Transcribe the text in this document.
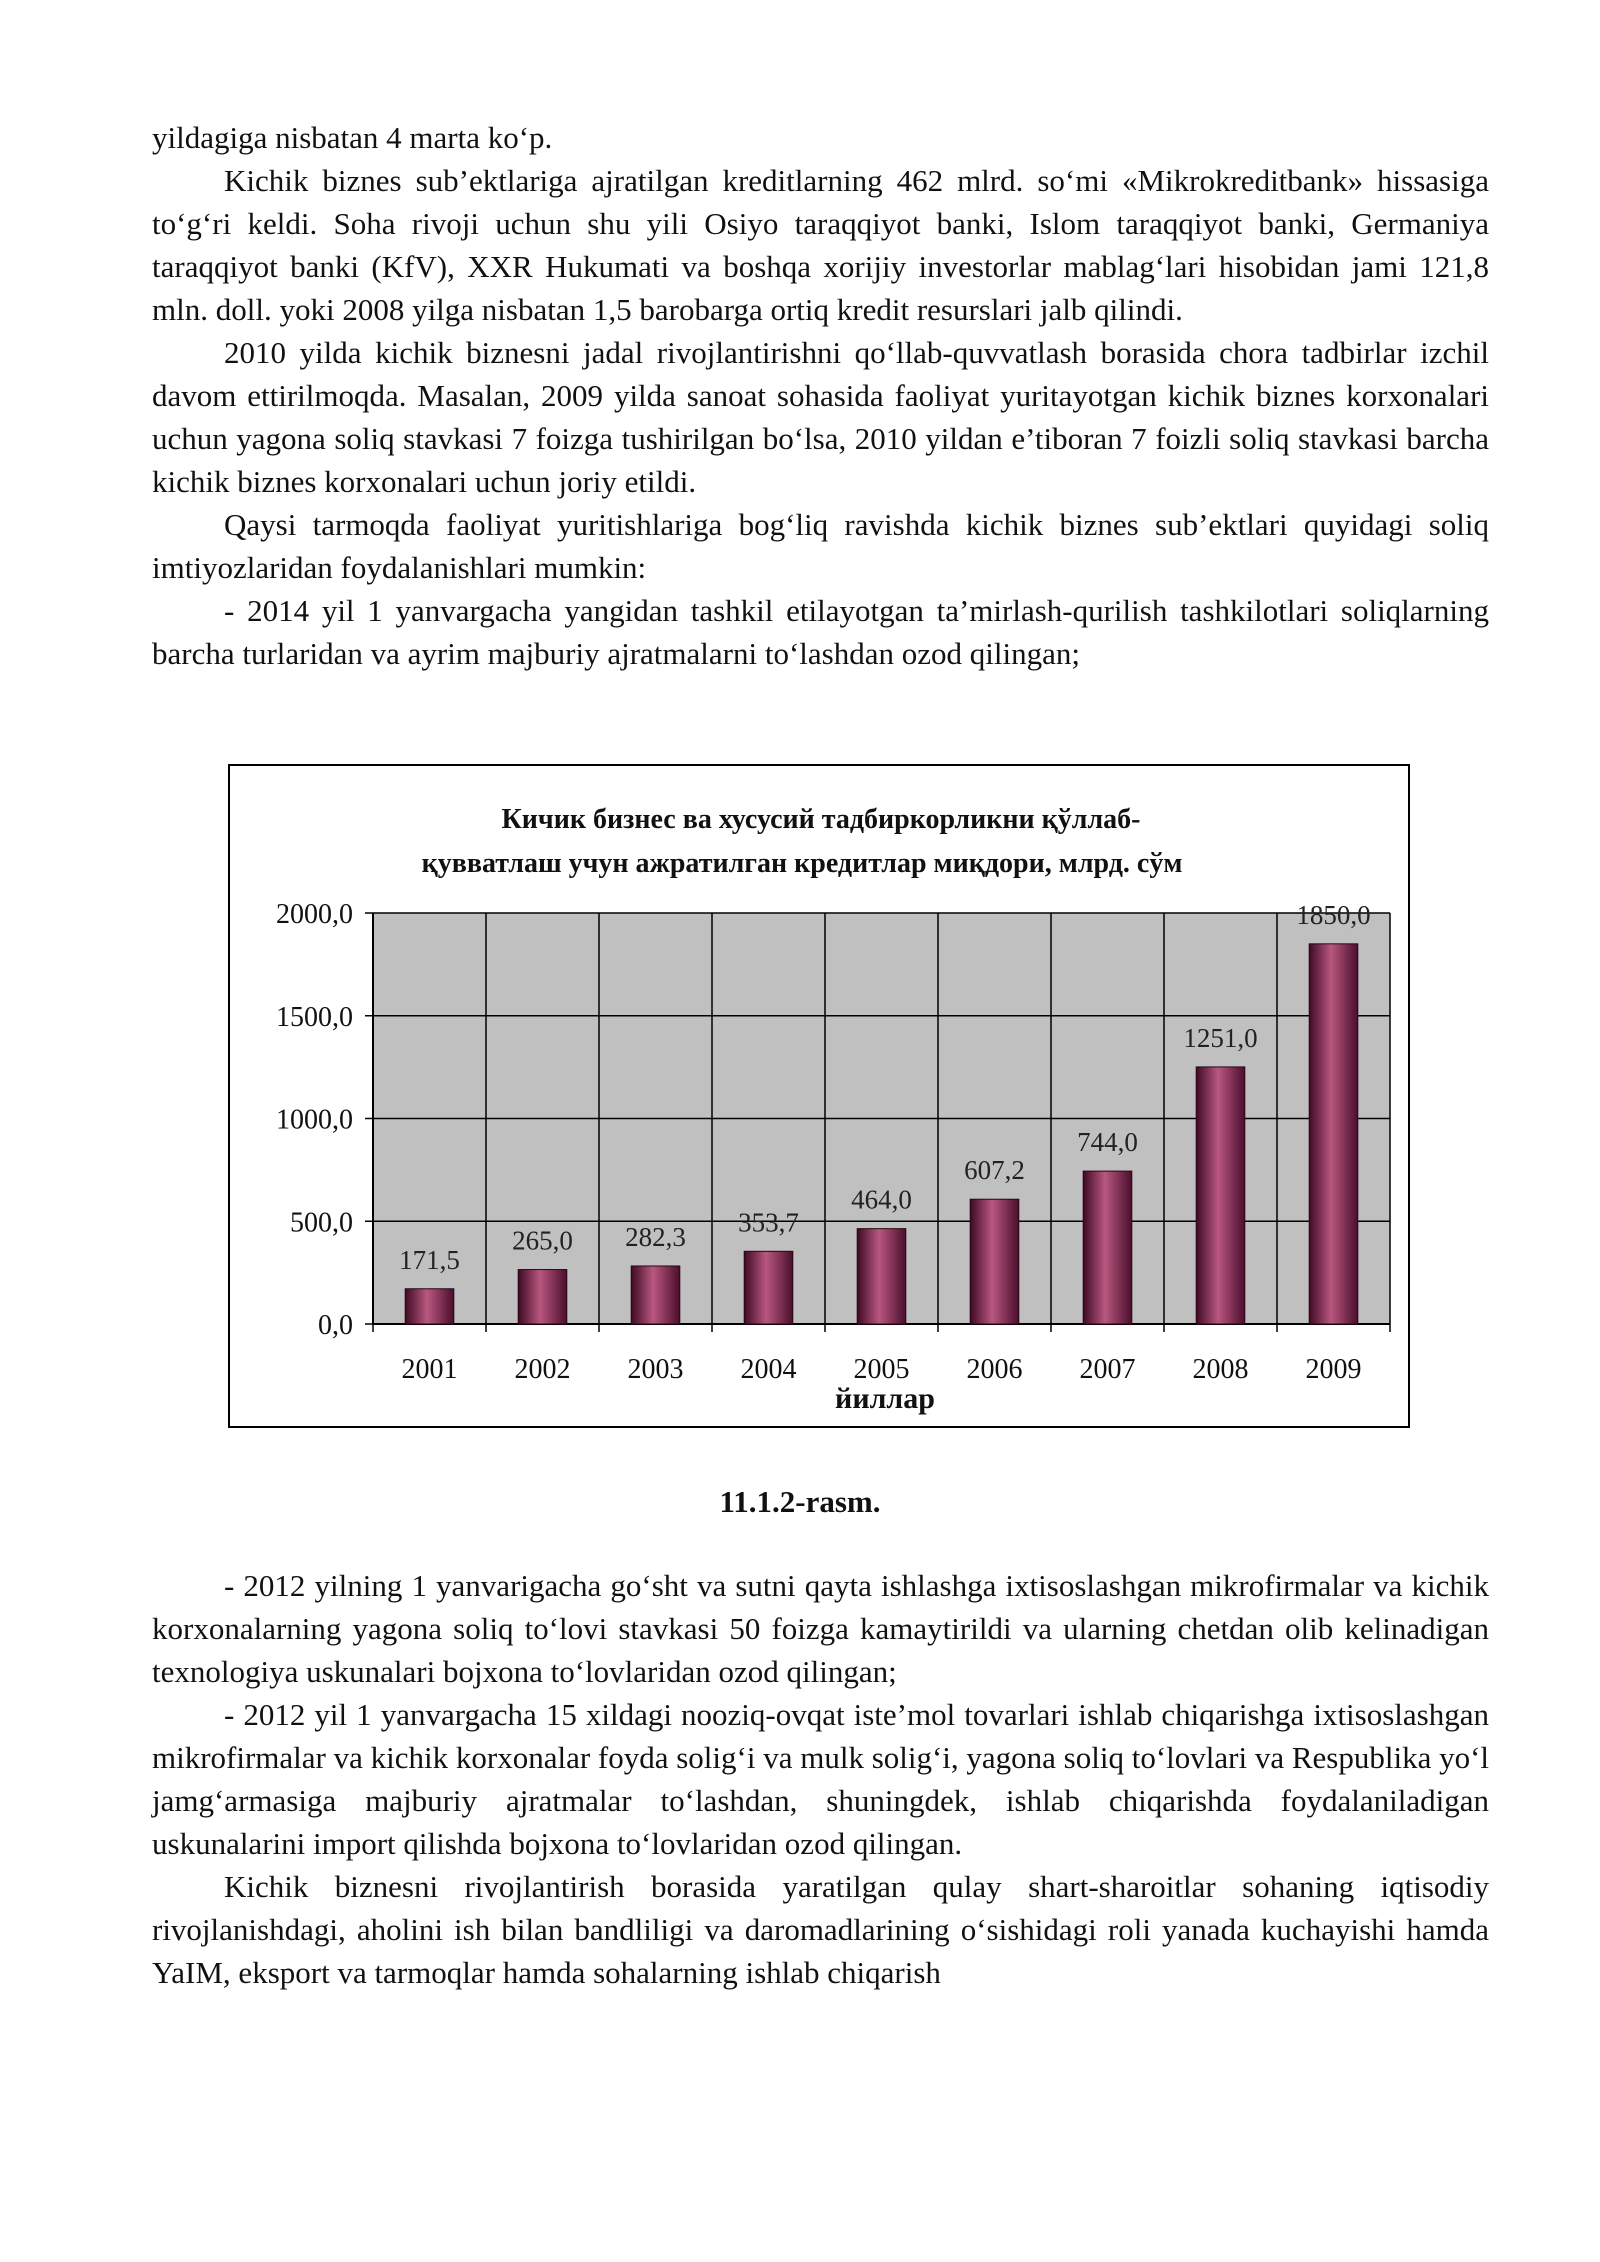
yildagiga nisbatan 4 marta ko‘p.

Kichik biznes sub’ektlariga ajratilgan kreditlarning 462 mlrd. so‘mi «Mikrokreditbank» hissasiga to‘g‘ri keldi. Soha rivoji uchun shu yili Osiyo taraqqiyot banki, Islom taraqqiyot banki, Germaniya taraqqiyot banki (KfV), XXR Hukumati va boshqa xorijiy investorlar mablag‘lari hisobidan jami 121,8 mln. doll. yoki 2008 yilga nisbatan 1,5 barobarga ortiq kredit resurslari jalb qilindi.

2010 yilda kichik biznesni jadal rivojlantirishni qo‘llab-quvvatlash borasida chora tadbirlar izchil davom ettirilmoqda. Masalan, 2009 yilda sanoat sohasida faoliyat yuritayotgan kichik biznes korxonalari uchun yagona soliq stavkasi 7 foizga tushirilgan bo‘lsa, 2010 yildan e’tiboran 7 foizli soliq stavkasi barcha kichik biznes korxonalari uchun joriy etildi.

Qaysi tarmoqda faoliyat yuritishlariga bog‘liq ravishda kichik biznes sub’ektlari quyidagi soliq imtiyozlaridan foydalanishlari mumkin:

- 2014 yil 1 yanvargacha yangidan tashkil etilayotgan ta’mirlash-qurilish tashkilotlari soliqlarning barcha turlaridan va ayrim majburiy ajratmalarni to‘lashdan ozod qilingan;

Кичик бизнес ва хусусий тадбиркорликни қўллаб-
қувватлаш учун ажратилган кредитлар миқдори, млрд. сўм
0,0
500,0
1000,0
1500,0
2000,0
171,5
2001
265,0
2002
282,3
2003
353,7
2004
464,0
2005
607,2
2006
744,0
2007
1251,0
2008
1850,0
2009
йиллар
11.1.2-rasm.

- 2012 yilning 1 yanvarigacha go‘sht va sutni qayta ishlashga ixtisoslashgan mikrofirmalar va kichik korxonalarning yagona soliq to‘lovi stavkasi 50 foizga kamaytirildi va ularning chetdan olib kelinadigan texnologiya uskunalari bojxona to‘lovlaridan ozod qilingan;

- 2012 yil 1 yanvargacha 15 xildagi nooziq-ovqat iste’mol tovarlari ishlab chiqarishga ixtisoslashgan mikrofirmalar va kichik korxonalar foyda solig‘i va mulk solig‘i, yagona soliq to‘lovlari va Respublika yo‘l jamg‘armasiga majburiy ajratmalar to‘lashdan, shuningdek, ishlab chiqarishda foydalaniladigan uskunalarini import qilishda bojxona to‘lovlaridan ozod qilingan.

Kichik biznesni rivojlantirish borasida yaratilgan qulay shart-sharoitlar sohaning iqtisodiy rivojlanishdagi, aholini ish bilan bandliligi va daromadlarining o‘sishidagi roli yanada kuchayishi hamda YaIM, eksport va tarmoqlar hamda sohalarning ishlab chiqarish
